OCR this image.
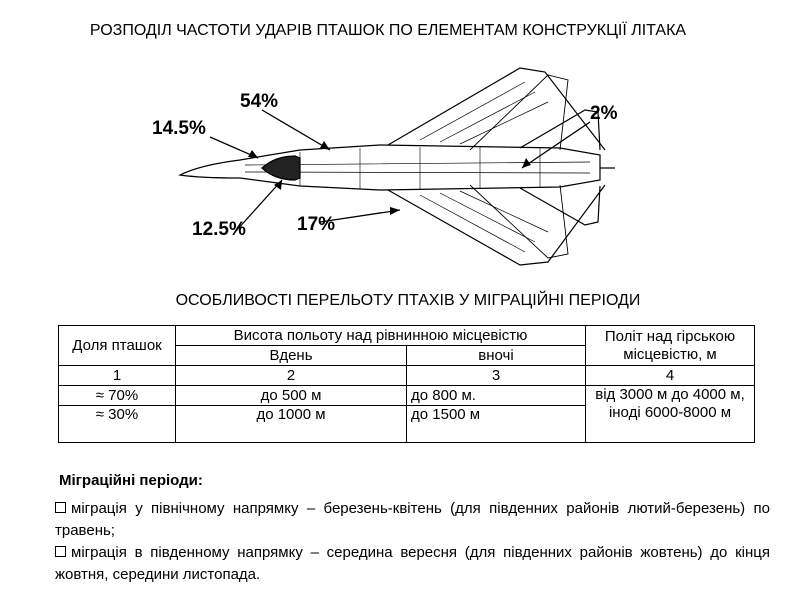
РОЗПОДІЛ ЧАСТОТИ УДАРІВ ПТАШОК ПО ЕЛЕМЕНТАМ КОНСТРУКЦІЇ ЛІТАКА
14.5%
54%
2%
12.5%	17%
ОСОБЛИВОСТІ ПЕРЕЛЬОТУ ПТАХІВ У МІГРАЦІЙНІ ПЕРІОДИ
Доля пташок	Висота польоту над рівнинною місцевістю		Політ над гірською місцевістю, м
	Вдень	вночі	
1	2	3	4
≈ 70%	до 500 м	до 800 м.	від 3000 м до 4000 м, іноді 6000-8000 м
≈ 30%	до 1000 м	до 1500 м	
Міграційні періоди:
міграція у північному напрямку – березень-квітень (для південних районів лютий-березень) по травень;
міграція в південному напрямку – середина вересня (для південних районів жовтень) до кінця жовтня, середини листопада.
